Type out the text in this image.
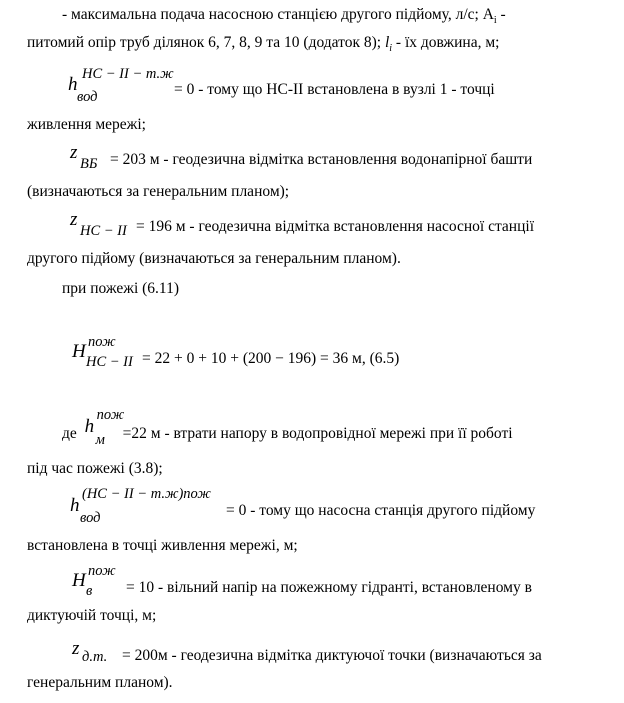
- максимальна подача насосною станцією другого підйому, л/с; $A_i$ -
питомий опір труб ділянок 6, 7, 8, 9 та 10 (додаток 8); $l_i$ - їх довжина, м;
h НС − II − т.ж
вод	= 0 - тому що НС-ІІ встановлена в вузлі 1 - точці
живлення мережі;
z
ВБ = 203 м - геодезична відмітка встановлення водонапірної башти
(визначаються за генеральним планом);
z
НС − II = 196 м - геодезична відмітка встановлення насосної станції
другого підйому (визначаються за генеральним планом).
при пожежі (6.11)
H пож
НС − II = 22 + 0 + 10 + (200 − 196) = 36 м, (6.5)
де h
пож
м =22 м - втрати напору в водопровідної мережі при її роботі
під час пожежі (3.8);
h
(НС − II − т.ж)пож
вод	= 0 - тому що насосна станція другого підйому
встановлена в точці живлення мережі, м;
H пож
в = 10 - вільний напір на пожежному гідранті, встановленому в
диктуючій точці, м;
z д.т. = 200м - геодезична відмітка диктуючої точки (визначаються за
генеральним планом).
